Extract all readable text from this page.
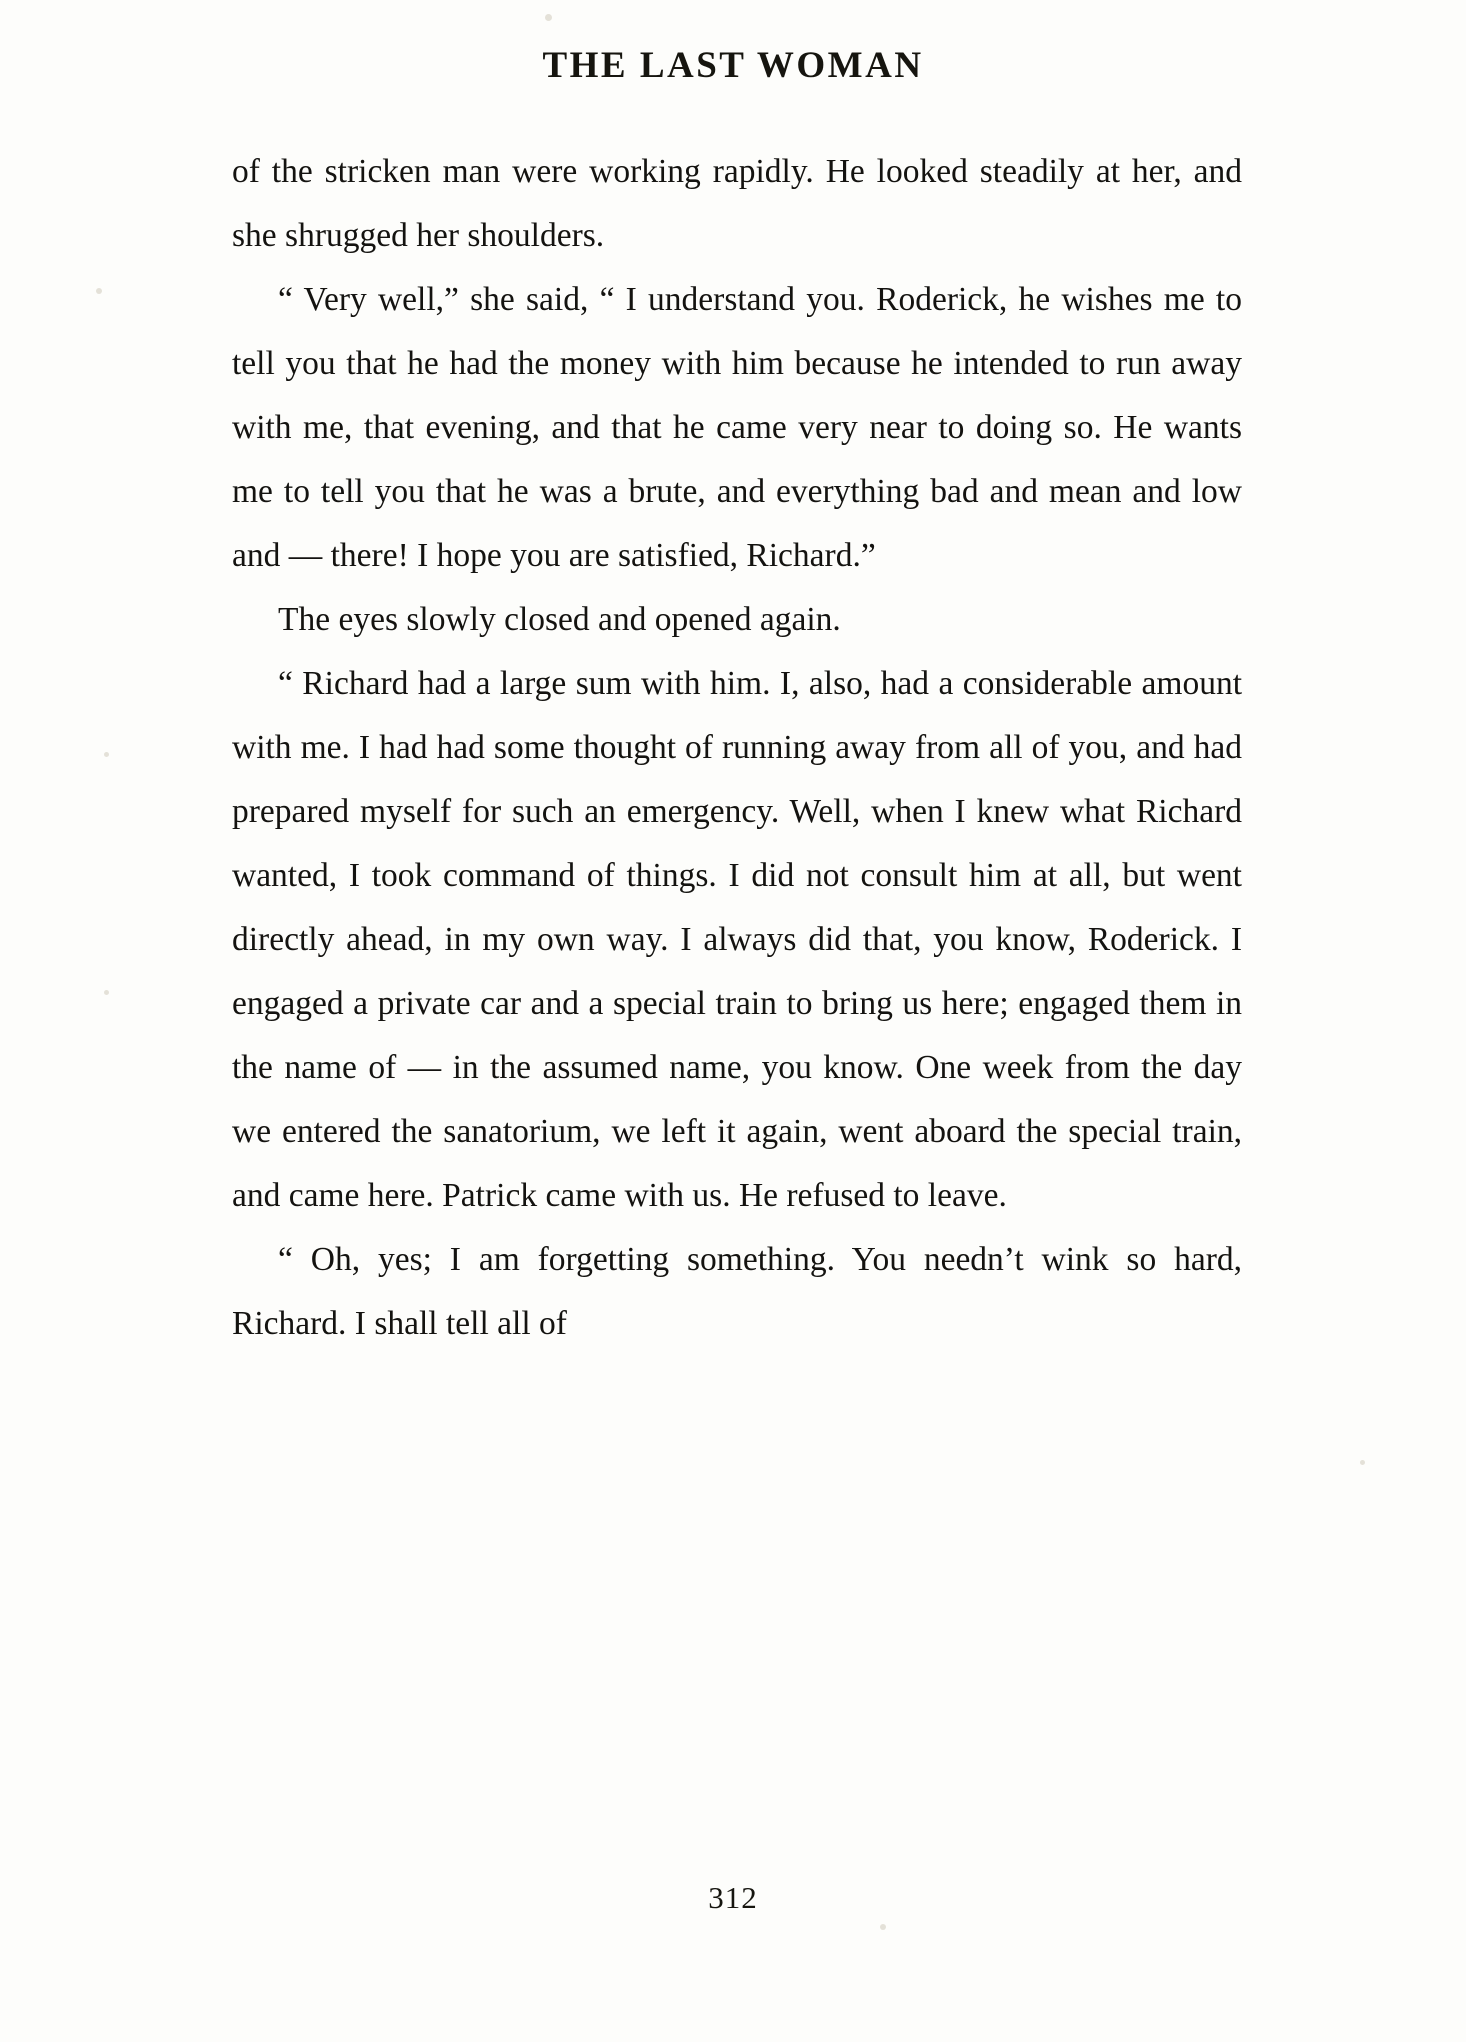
THE LAST WOMAN

of the stricken man were working rapidly. He looked steadily at her, and she shrugged her shoulders.

“ Very well,” she said, “ I understand you. Roderick, he wishes me to tell you that he had the money with him because he intended to run away with me, that evening, and that he came very near to doing so. He wants me to tell you that he was a brute, and everything bad and mean and low and — there! I hope you are satisfied, Richard.”

The eyes slowly closed and opened again.

“ Richard had a large sum with him. I, also, had a considerable amount with me. I had had some thought of running away from all of you, and had prepared myself for such an emergency. Well, when I knew what Richard wanted, I took command of things. I did not consult him at all, but went directly ahead, in my own way. I always did that, you know, Roderick. I engaged a private car and a special train to bring us here; engaged them in the name of — in the assumed name, you know. One week from the day we entered the sanatorium, we left it again, went aboard the special train, and came here. Patrick came with us. He refused to leave.

“ Oh, yes; I am forgetting something. You needn’t wink so hard, Richard. I shall tell all of

312
